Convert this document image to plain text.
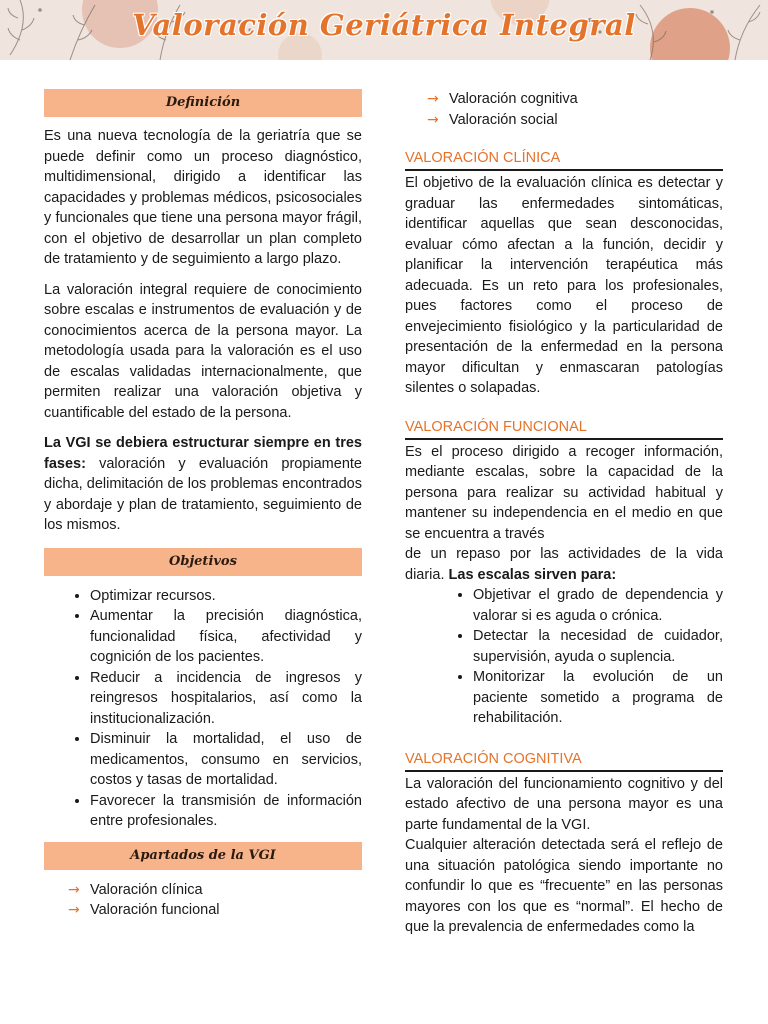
Valoración Geriátrica Integral
Definición

Es una nueva tecnología de la geriatría que se puede definir como un proceso diagnóstico, multidimensional, dirigido a identificar las capacidades y problemas médicos, psicosociales y funcionales que tiene una persona mayor frágil, con el objetivo de desarrollar un plan completo de tratamiento y de seguimiento a largo plazo.

La valoración integral requiere de conocimiento sobre escalas e instrumentos de evaluación y de conocimientos acerca de la persona mayor. La metodología usada para la valoración es el uso de escalas validadas internacionalmente, que permiten realizar una valoración objetiva y cuantificable del estado de la persona.

La VGI se debiera estructurar siempre en tres fases: valoración y evaluación propiamente dicha, delimitación de los problemas encontrados y abordaje y plan de tratamiento, seguimiento de los mismos.

Objetivos
• Optimizar recursos.
• Aumentar la precisión diagnóstica, funcionalidad física, afectividad y cognición de los pacientes.
• Reducir a incidencia de ingresos y reingresos hospitalarios, así como la institucionalización.
• Disminuir la mortalidad, el uso de medicamentos, consumo en servicios, costos y tasas de mortalidad.
• Favorecer la transmisión de información entre profesionales.
Apartados de la VGI
→ Valoración clínica
→ Valoración funcional
→ Valoración cognitiva
→ Valoración social
VALORACIÓN CLÍNICA

El objetivo de la evaluación clínica es detectar y graduar las enfermedades sintomáticas, identificar aquellas que sean desconocidas, evaluar cómo afectan a la función, decidir y planificar la intervención terapéutica más adecuada. Es un reto para los profesionales, pues factores como el proceso de envejecimiento fisiológico y la particularidad de presentación de la enfermedad en la persona mayor dificultan y enmascaran patologías silentes o solapadas.

VALORACIÓN FUNCIONAL

Es el proceso dirigido a recoger información, mediante escalas, sobre la capacidad de la persona para realizar su actividad habitual y mantener su independencia en el medio en que se encuentra a través

de un repaso por las actividades de la vida diaria. Las escalas sirven para:

• Objetivar el grado de dependencia y valorar si es aguda o crónica.
• Detectar la necesidad de cuidador, supervisión, ayuda o suplencia.
• Monitorizar la evolución de un paciente sometido a programa de rehabilitación.
VALORACIÓN COGNITIVA

La valoración del funcionamiento cognitivo y del estado afectivo de una persona mayor es una parte fundamental de la VGI.

Cualquier alteración detectada será el reflejo de una situación patológica siendo importante no confundir lo que es “frecuente” en las personas mayores con los que es “normal”. El hecho de que la prevalencia de enfermedades como la
